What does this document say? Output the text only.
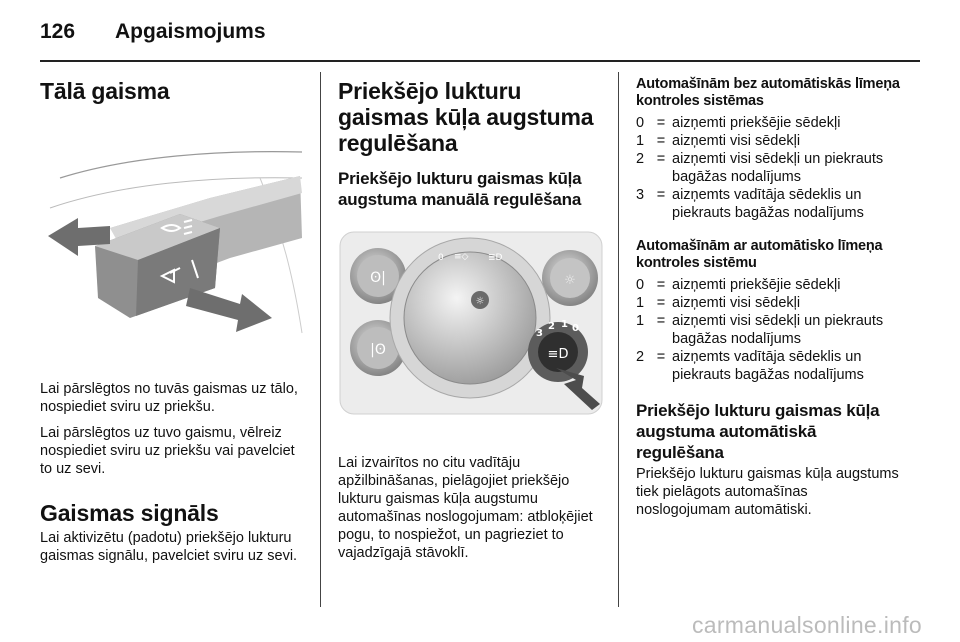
126 Apgaismojums
Tālā gaisma

Lai pārslēgtos no tuvās gaismas uz tālo, nospiediet sviru uz priekšu.

Lai pārslēgtos uz tuvo gaismu, vēlreiz nospiediet sviru uz priekšu vai pavelciet to uz sevi.

Gaismas signāls

Lai aktivizētu (padotu) priekšējo lukturu gaismas signālu, pavelciet sviru uz sevi.

Priekšējo lukturu gaismas kūļa augstuma regulēšana
Priekšējo lukturu gaismas kūļa augstuma manuālā regulēšana
ʘ|
|ʘ
☼
0 ≡◇ ≣D
☼
3
2 1 0
≡D

Lai izvairītos no citu vadītāju apžilbināšanas, pielāgojiet priekšējo lukturu gaismas kūļa augstumu automašīnas noslogojumam: atbloķējiet pogu, to nospiežot, un pagrieziet to vajadzīgajā stāvoklī.

Automašīnām bez automātiskās līmeņa kontroles sistēmas
0 = aizņemti priekšējie sēdekļi
1 = aizņemti visi sēdekļi
2 = aizņemti visi sēdekļi un piekrauts bagāžas nodalījums
3 = aizņemts vadītāja sēdeklis un piekrauts bagāžas nodalījums
Automašīnām ar automātisko līmeņa kontroles sistēmu
0 = aizņemti priekšējie sēdekļi
1 = aizņemti visi sēdekļi
1 = aizņemti visi sēdekļi un piekrauts bagāžas nodalījums
2 = aizņemts vadītāja sēdeklis un piekrauts bagāžas nodalījums
Priekšējo lukturu gaismas kūļa augstuma automātiskā regulēšana

Priekšējo lukturu gaismas kūļa augstums tiek pielāgots automašīnas noslogojumam automātiski.

carmanualsonline.info
